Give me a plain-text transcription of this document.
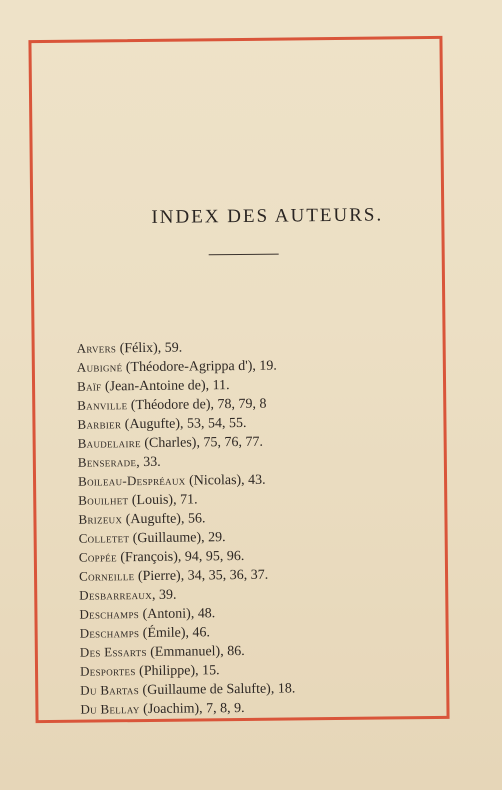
INDEX DES AUTEURS.
Arvers (Félix), 59.
Aubigné (Théodore-Agrippa d'), 19.
Baïf (Jean-Antoine de), 11.
Banville (Théodore de), 78, 79, 8
Barbier (Augufte), 53, 54, 55.
Baudelaire (Charles), 75, 76, 77.
Benserade, 33.
Boileau-Despréaux (Nicolas), 43.
Bouilhet (Louis), 71.
Brizeux (Augufte), 56.
Colletet (Guillaume), 29.
Coppée (François), 94, 95, 96.
Corneille (Pierre), 34, 35, 36, 37.
Desbarreaux, 39.
Deschamps (Antoni), 48.
Deschamps (Émile), 46.
Des Essarts (Emmanuel), 86.
Desportes (Philippe), 15.
Du Bartas (Guillaume de Salufte), 18.
Du Bellay (Joachim), 7, 8, 9.
